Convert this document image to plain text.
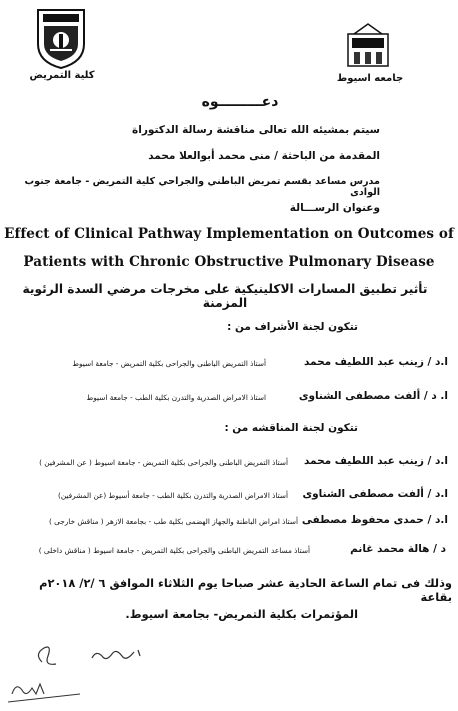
كلية التمريض	جامعه اسيوط
دعـــــــــوه
سيتم بمشيئه الله تعالى مناقشة رسالة الدكتوراة
المقدمة من الباحثة / منى محمد أبوالعلا محمد
مدرس مساعد بقسم تمريض الباطني والجراحي كلية التمريض - جامعة جنوب الوادى
وعنوان الرســـالة
Effect of Clinical Pathway Implementation on Outcomes of
Patients with Chronic Obstructive Pulmonary Disease
تأثير تطبيق المسارات الاكلينيكية على مخرجات مرضي السدة الرئوية المزمنة
تتكون لجنة الأشراف من :
ا.د / زينب عبد اللطيف محمد
أستاذ التمريض الباطنى والجراحى بكلية التمريض - جامعة اسيوط
ا. د / ألفت مصطفى الشناوى
استاذ الامراض الصدرية والتدرن بكلية الطب - جامعة اسيوط
تتكون لجنة المناقشه من :
ا.د / زينب عبد اللطيف محمد
أستاذ التمريض الباطنى والجراحى بكلية التمريض - جامعة اسيوط ( عن المشرفين )
ا.د / ألفت مصطفى الشناوى
أستاذ الامراض الصدرية والتدرن بكلية الطب - جامعة أسيوط (عن المشرفين)
ا.د / حمدى محفوظ مصطفى
أستاذ امراض الباطنة والجهاز الهضمى بكلية طب - بجامعة الازهر ( مناقش خارجى )
د / هالة محمد غانم
أستاذ مساعد التمريض الباطنى والجراحى بكلية التمريض - جامعة اسيوط ( مناقش داخلى )
وذلك فى تمام الساعة الحادية عشر صباحا يوم الثلاثاء الموافق ٦ /٢/ ٢٠١٨م بقاعة
المؤتمرات بكلية التمريض- بجامعة اسيوط.
